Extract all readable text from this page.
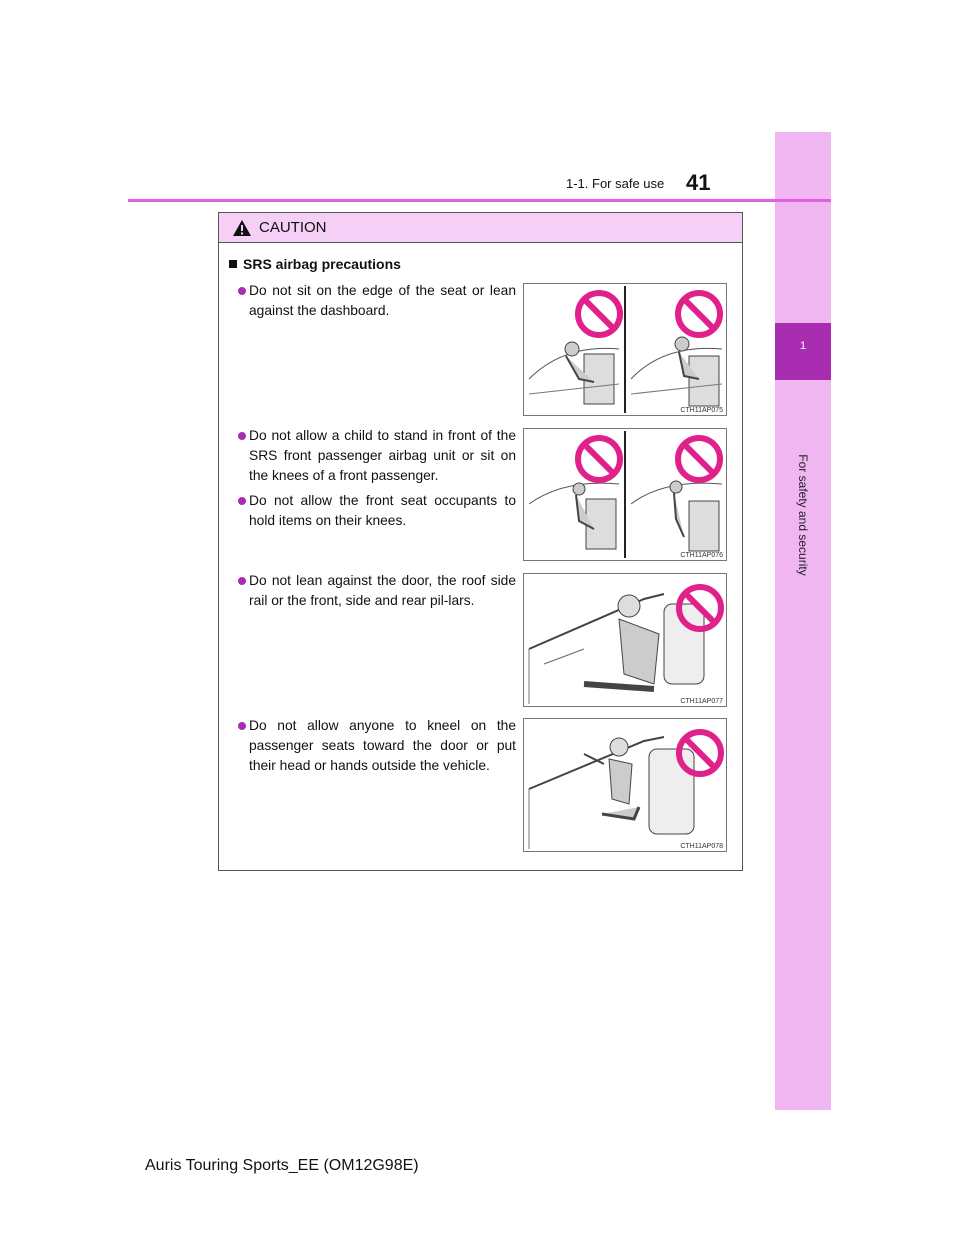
1
For safety and security
1-1. For safe use 41
CAUTION
SRS airbag precautions
Do not sit on the edge of the seat or lean against the dashboard.
CTH11AP075
Do not allow a child to stand in front of the SRS front passenger airbag unit or sit on the knees of a front passenger.
Do not allow the front seat occupants to hold items on their knees.
CTH11AP076
Do not lean against the door, the roof side rail or the front, side and rear pil-lars.
CTH11AP077
Do not allow anyone to kneel on the passenger seats toward the door or put their head or hands outside the vehicle.
CTH11AP078
Auris Touring Sports_EE (OM12G98E)
